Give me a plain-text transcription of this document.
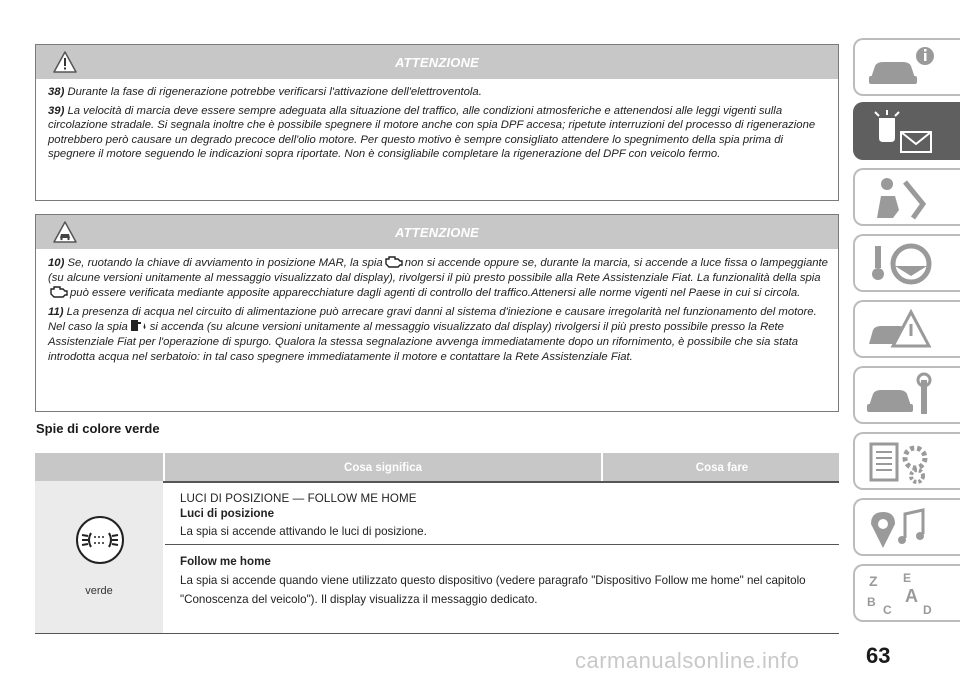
ATTENZIONE

38) Durante la fase di rigenerazione potrebbe verificarsi l'attivazione dell'elettroventola.

39) La velocità di marcia deve essere sempre adeguata alla situazione del traffico, alle condizioni atmosferiche e attenendosi alle leggi vigenti sulla circolazione stradale. Si segnala inoltre che è possibile spegnere il motore anche con spia DPF accesa; ripetute interruzioni del processo di rigenerazione potrebbero però causare un degrado precoce dell'olio motore. Per questo motivo è sempre consigliato attendere lo spegnimento della spia prima di spegnere il motore seguendo le indicazioni sopra riportate. Non è consigliabile completare la rigenerazione del DPF con veicolo fermo.

ATTENZIONE

10) Se, ruotando la chiave di avviamento in posizione MAR, la spia non si accende oppure se, durante la marcia, si accende a luce fissa o lampeggiante (su alcune versioni unitamente al messaggio visualizzato dal display), rivolgersi il più presto possibile alla Rete Assistenziale Fiat. La funzionalità della spiapuò essere verificata mediante apposite apparecchiature dagli agenti di controllo del traffico.Attenersi alle norme vigenti nel Paese in cui si circola.

11) La presenza di acqua nel circuito di alimentazione può arrecare gravi danni al sistema d'iniezione e causare irregolarità nel funzionamento del motore. Nel caso la spia si accenda (su alcune versioni unitamente al messaggio visualizzato dal display) rivolgersi il più presto possibile presso la Rete Assistenziale Fiat per l'operazione di spurgo. Qualora la stessa segnalazione avvenga immediatamente dopo un rifornimento, è possibile che sia stata introdotta acqua nel serbatoio: in tal caso spegnere immediatamente il motore e contattare la Rete Assistenziale Fiat.

Spie di colore verde
Cosa significa	Cosa fare
verde
LUCI DI POSIZIONE — FOLLOW ME HOME
Luci di posizione
La spia si accende attivando le luci di posizione.
Follow me home
La spia si accende quando viene utilizzato questo dispositivo (vedere paragrafo "Dispositivo Follow me home" nel capitolo "Conoscenza del veicolo"). Il display visualizza il messaggio dedicato.
Z E
A
B
C	D
63
carmanualsonline.info
